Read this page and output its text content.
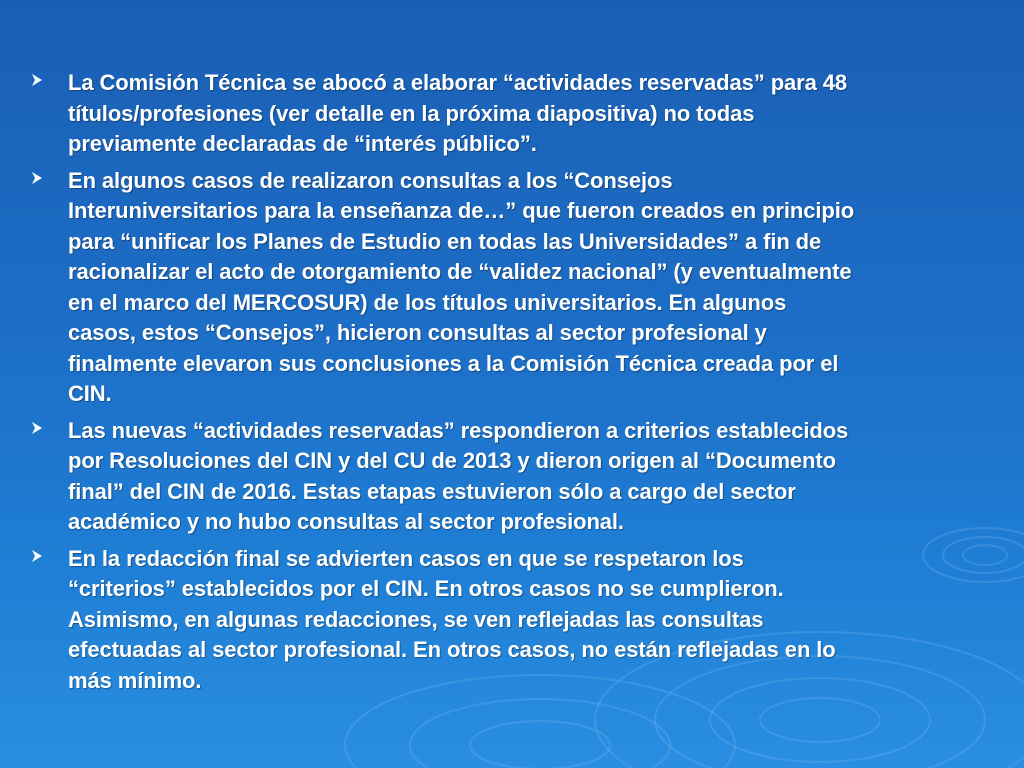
La Comisión Técnica se abocó a elaborar “actividades reservadas” para 48
títulos/profesiones (ver detalle en la próxima diapositiva) no todas
previamente declaradas de “interés público”.
En algunos casos de realizaron consultas a los “Consejos
Interuniversitarios para la enseñanza de…” que fueron creados en principio
para “unificar los Planes de Estudio en todas las Universidades” a fin de
racionalizar el acto de otorgamiento de “validez nacional” (y eventualmente
en el marco del MERCOSUR) de los títulos universitarios. En algunos
casos, estos “Consejos”, hicieron consultas al sector profesional y
finalmente elevaron sus conclusiones a la Comisión Técnica creada por el
CIN.
Las nuevas “actividades reservadas” respondieron a criterios establecidos
por Resoluciones del CIN y del CU de 2013 y dieron origen al “Documento
final” del CIN de 2016. Estas etapas estuvieron sólo a cargo del sector
académico y no hubo consultas al sector profesional.
En la redacción final se advierten casos en que se respetaron los
“criterios” establecidos por el CIN. En otros casos no se cumplieron.
Asimismo, en algunas redacciones, se ven reflejadas las consultas
efectuadas al sector profesional. En otros casos, no están reflejadas en lo
más mínimo.
